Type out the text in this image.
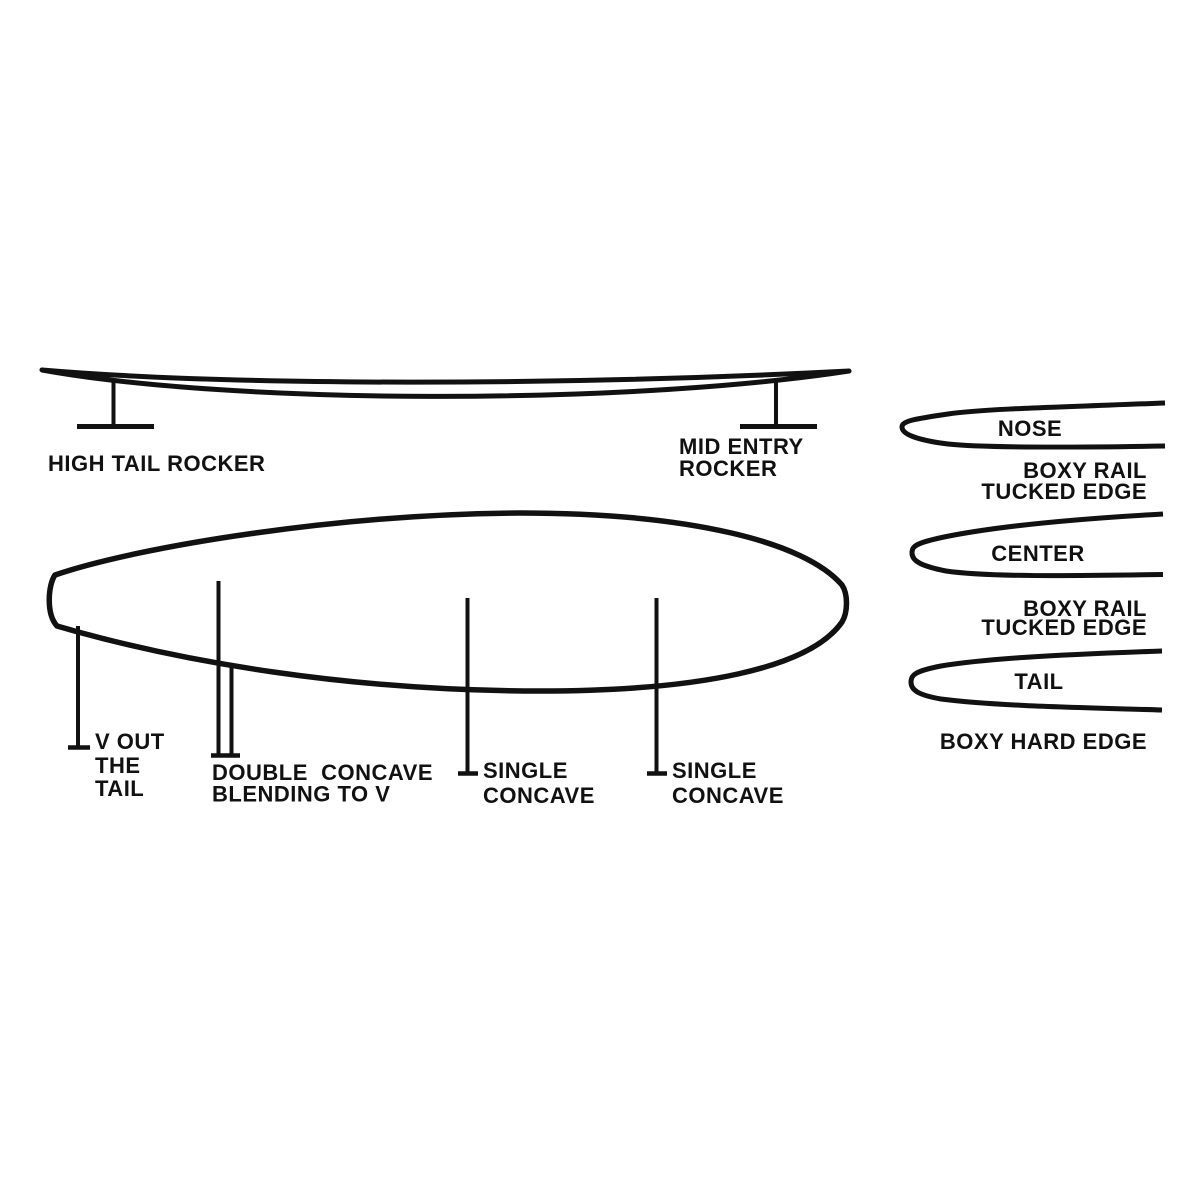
HIGH TAIL ROCKER
MID ENTRY
ROCKER
V OUT
THE
TAIL
DOUBLE  CONCAVE
BLENDING TO V
SINGLE
CONCAVE
SINGLE
CONCAVE
NOSE
BOXY RAIL
TUCKED EDGE
CENTER
BOXY RAIL
TUCKED EDGE
TAIL
BOXY HARD EDGE
